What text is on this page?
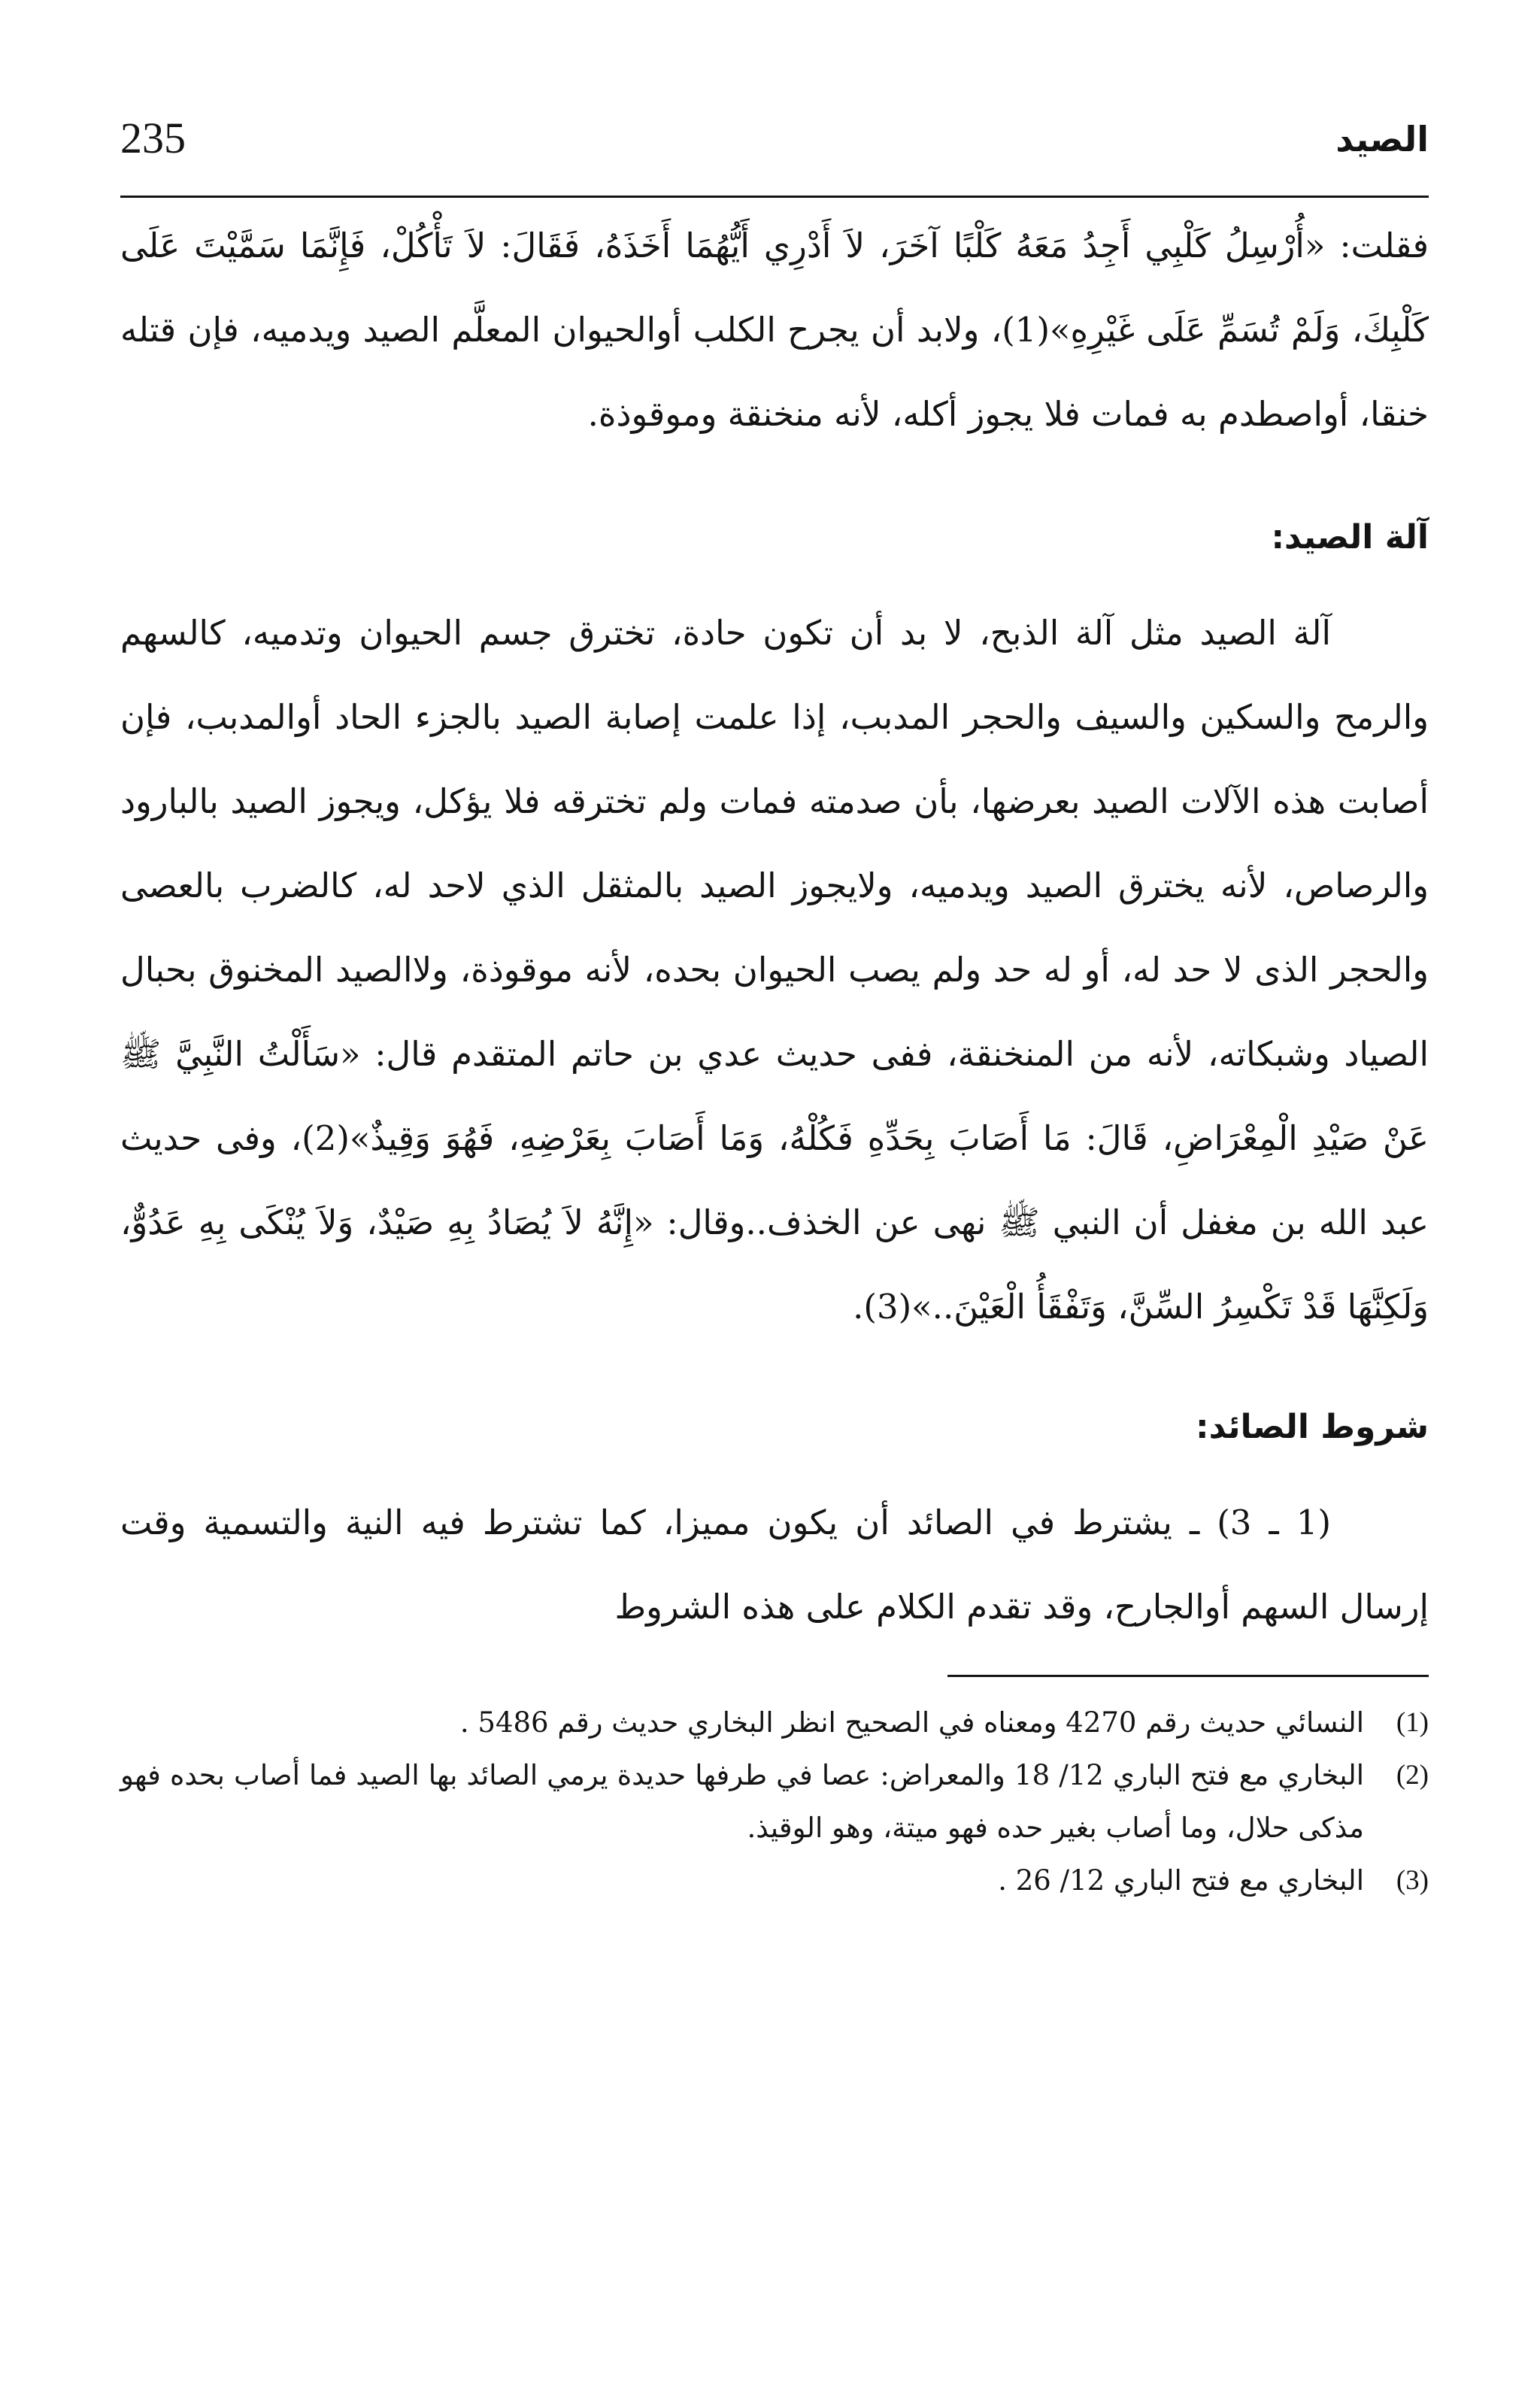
الصيد
235

فقلت: «أُرْسِلُ كَلْبِي أَجِدُ مَعَهُ كَلْبًا آخَرَ، لاَ أَدْرِي أَيُّهُمَا أَخَذَهُ، فَقَالَ: لاَ تَأْكُلْ، فَإِنَّمَا سَمَّيْتَ عَلَى كَلْبِكَ، وَلَمْ تُسَمِّ عَلَى غَيْرِهِ»(1)، ولابد أن يجرح الكلب أوالحيوان المعلَّم الصيد ويدميه، فإن قتله خنقا، أواصطدم به فمات فلا يجوز أكله، لأنه منخنقة وموقوذة.

آلة الصيد:

آلة الصيد مثل آلة الذبح، لا بد أن تكون حادة، تخترق جسم الحيوان وتدميه، كالسهم والرمح والسكين والسيف والحجر المدبب، إذا علمت إصابة الصيد بالجزء الحاد أوالمدبب، فإن أصابت هذه الآلات الصيد بعرضها، بأن صدمته فمات ولم تخترقه فلا يؤكل، ويجوز الصيد بالبارود والرصاص، لأنه يخترق الصيد ويدميه، ولايجوز الصيد بالمثقل الذي لاحد له، كالضرب بالعصى والحجر الذى لا حد له، أو له حد ولم يصب الحيوان بحده، لأنه موقوذة، ولاالصيد المخنوق بحبال الصياد وشبكاته، لأنه من المنخنقة، ففى حديث عدي بن حاتم المتقدم قال: «سَأَلْتُ النَّبِيَّ ﷺ عَنْ صَيْدِ الْمِعْرَاضِ، قَالَ: مَا أَصَابَ بِحَدِّهِ فَكُلْهُ، وَمَا أَصَابَ بِعَرْضِهِ، فَهُوَ وَقِيذٌ»(2)، وفى حديث عبد الله بن مغفل أن النبي ﷺ نهى عن الخذف..وقال: «إِنَّهُ لاَ يُصَادُ بِهِ صَيْدٌ، وَلاَ يُنْكَى بِهِ عَدُوٌّ، وَلَكِنَّهَا قَدْ تَكْسِرُ السِّنَّ، وَتَفْقَأُ الْعَيْنَ..»(3).

شروط الصائد:

(1 ـ 3) ـ يشترط في الصائد أن يكون مميزا، كما تشترط فيه النية والتسمية وقت إرسال السهم أوالجارح، وقد تقدم الكلام على هذه الشروط

(1)
النسائي حديث رقم 4270 ومعناه في الصحيح انظر البخاري حديث رقم 5486 .
(2)
البخاري مع فتح الباري 12/ 18 والمعراض: عصا في طرفها حديدة يرمي الصائد بها الصيد فما أصاب بحده فهو مذكى حلال، وما أصاب بغير حده فهو ميتة، وهو الوقيذ.
(3)
البخاري مع فتح الباري 12/ 26 .
